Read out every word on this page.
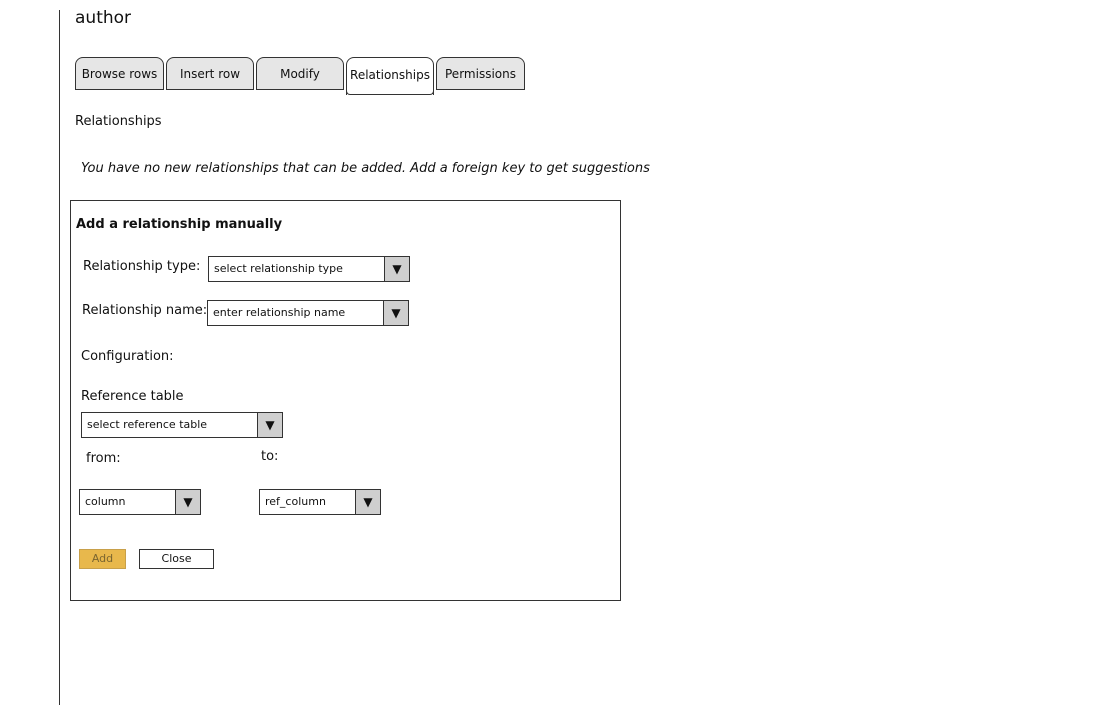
author
Browse rows	Insert row	Modify	Relationships	Permissions
Relationships
You have no new relationships that can be added. Add a foreign key to get suggestions
Add a relationship manually
Relationship type: select relationship type	▼
Relationship name: enter relationship name	▼
Configuration:
Reference table
select reference table	▼
from:	to:
column	▼	ref_column	▼
Add	Close
